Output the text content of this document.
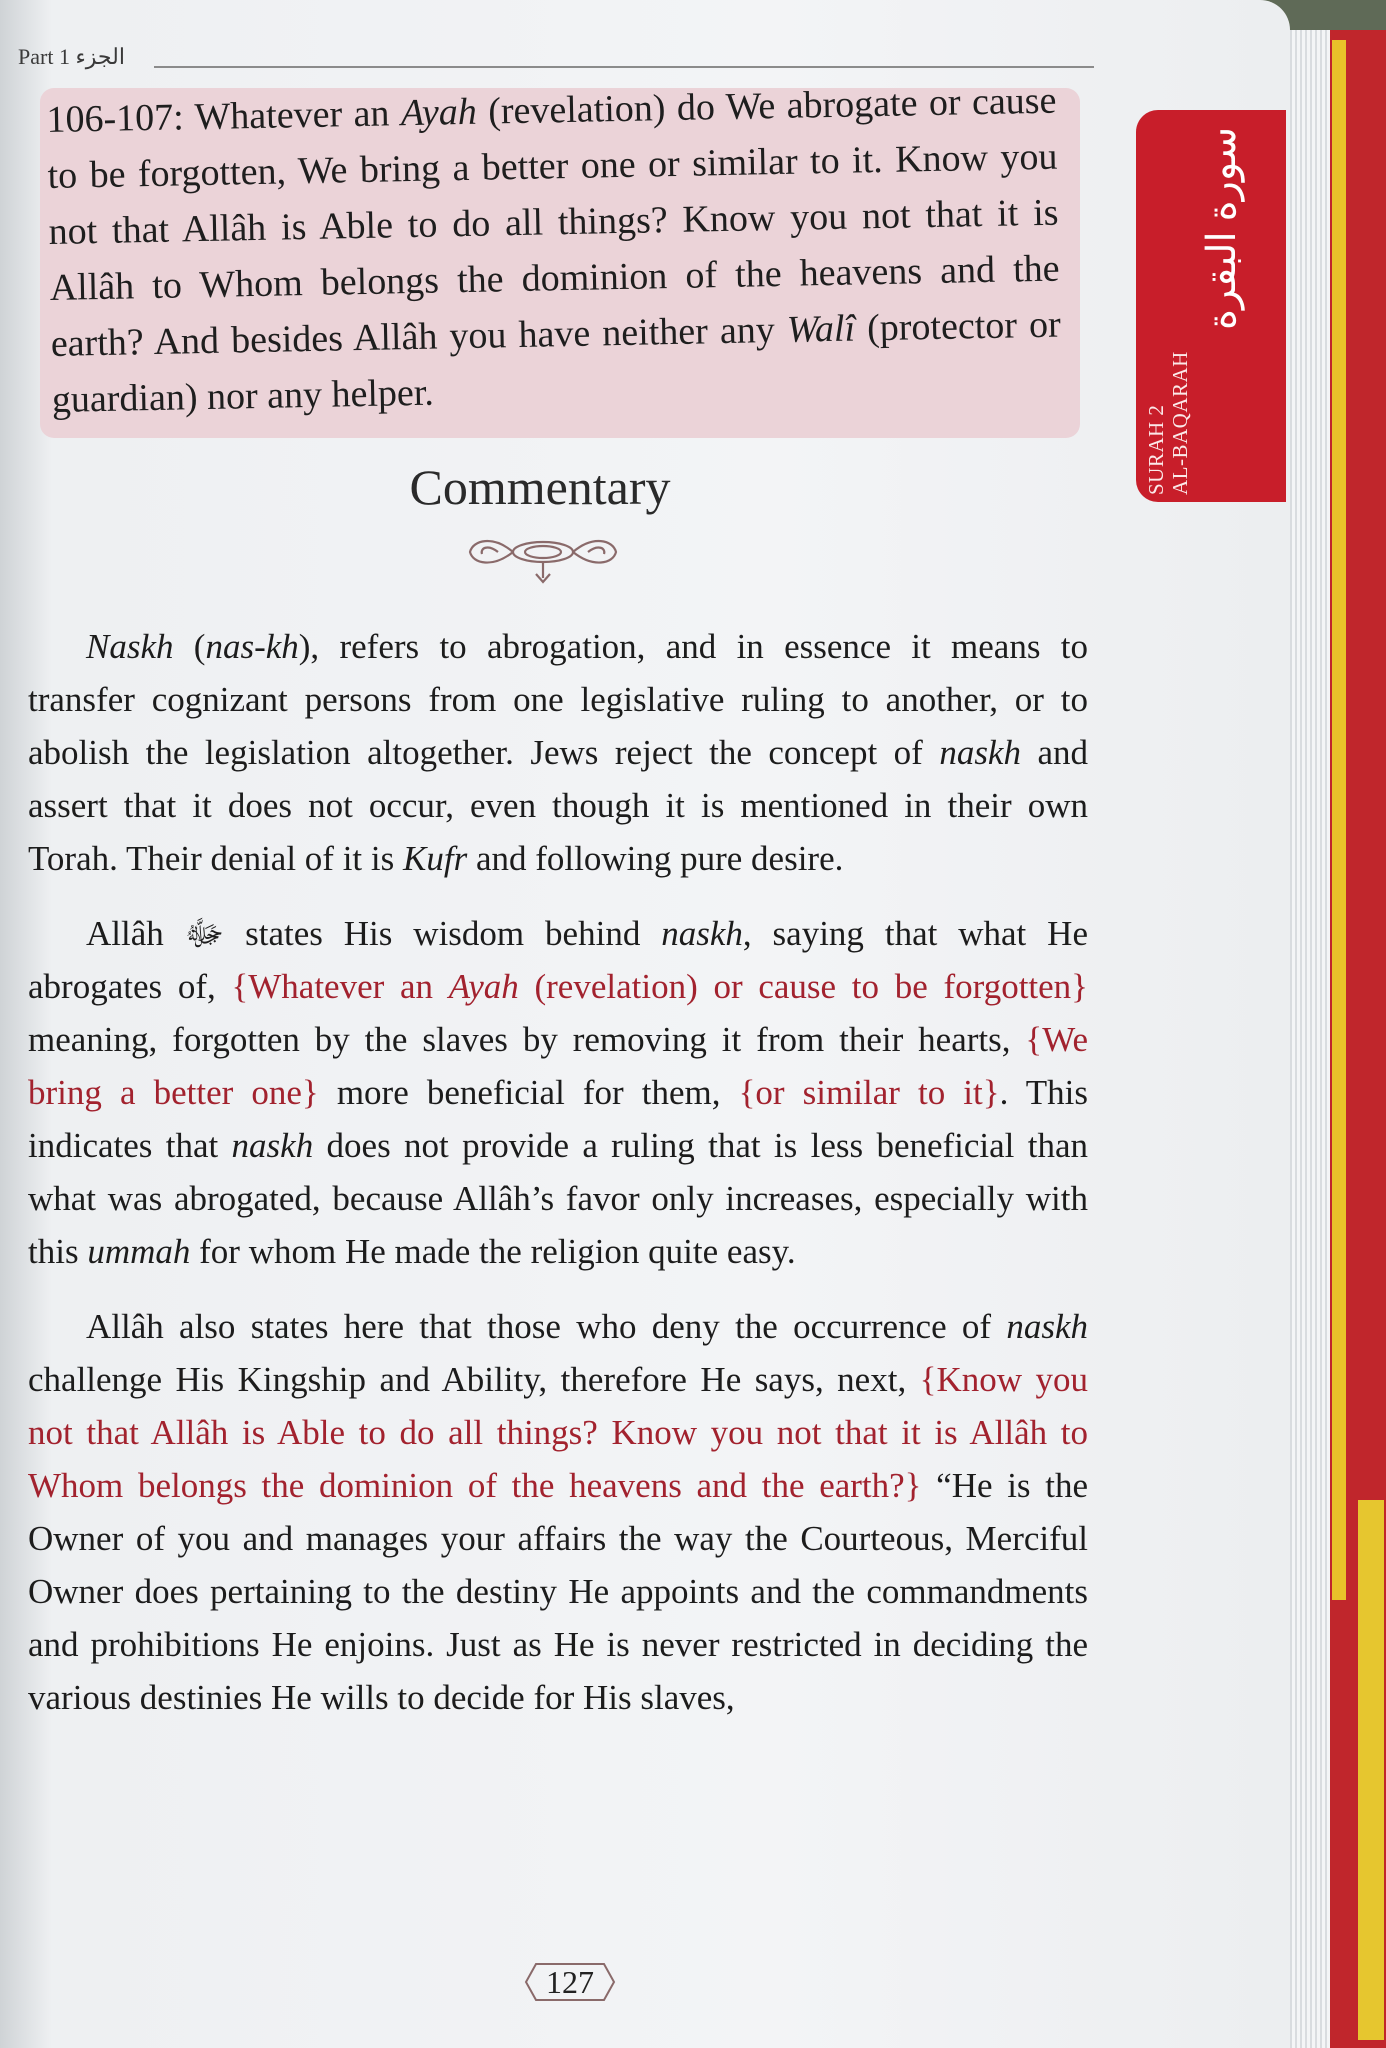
Part 1 الجزء
106-107: Whatever an Ayah (revelation) do We abrogate or cause to be forgotten, We bring a better one or similar to it. Know you not that Allâh is Able to do all things? Know you not that it is Allâh to Whom belongs the dominion of the heavens and the earth? And besides Allâh you have neither any Walî (protector or guardian) nor any helper.
Commentary	SURAH 2 AL-BAQARAH
سورة البقرة

Naskh (nas-kh), refers to abrogation, and in essence it means to transfer cognizant persons from one legislative ruling to another, or to abolish the legislation altogether. Jews reject the concept of naskh and assert that it does not occur, even though it is mentioned in their own Torah. Their denial of it is Kufr and following pure desire.

Allâh ﷻ states His wisdom behind naskh, saying that what He abrogates of, {Whatever an Ayah (revelation) or cause to be forgotten} meaning, forgotten by the slaves by removing it from their hearts, {We bring a better one} more beneficial for them, {or similar to it}. This indicates that naskh does not provide a ruling that is less beneficial than what was abrogated, because Allâh’s favor only increases, especially with this ummah for whom He made the religion quite easy.

Allâh also states here that those who deny the occurrence of naskh challenge His Kingship and Ability, therefore He says, next, {Know you not that Allâh is Able to do all things? Know you not that it is Allâh to Whom belongs the dominion of the heavens and the earth?} “He is the Owner of you and manages your affairs the way the Courteous, Merciful Owner does pertaining to the destiny He appoints and the commandments and prohibitions He enjoins. Just as He is never restricted in deciding the various destinies He wills to decide for His slaves,

127
